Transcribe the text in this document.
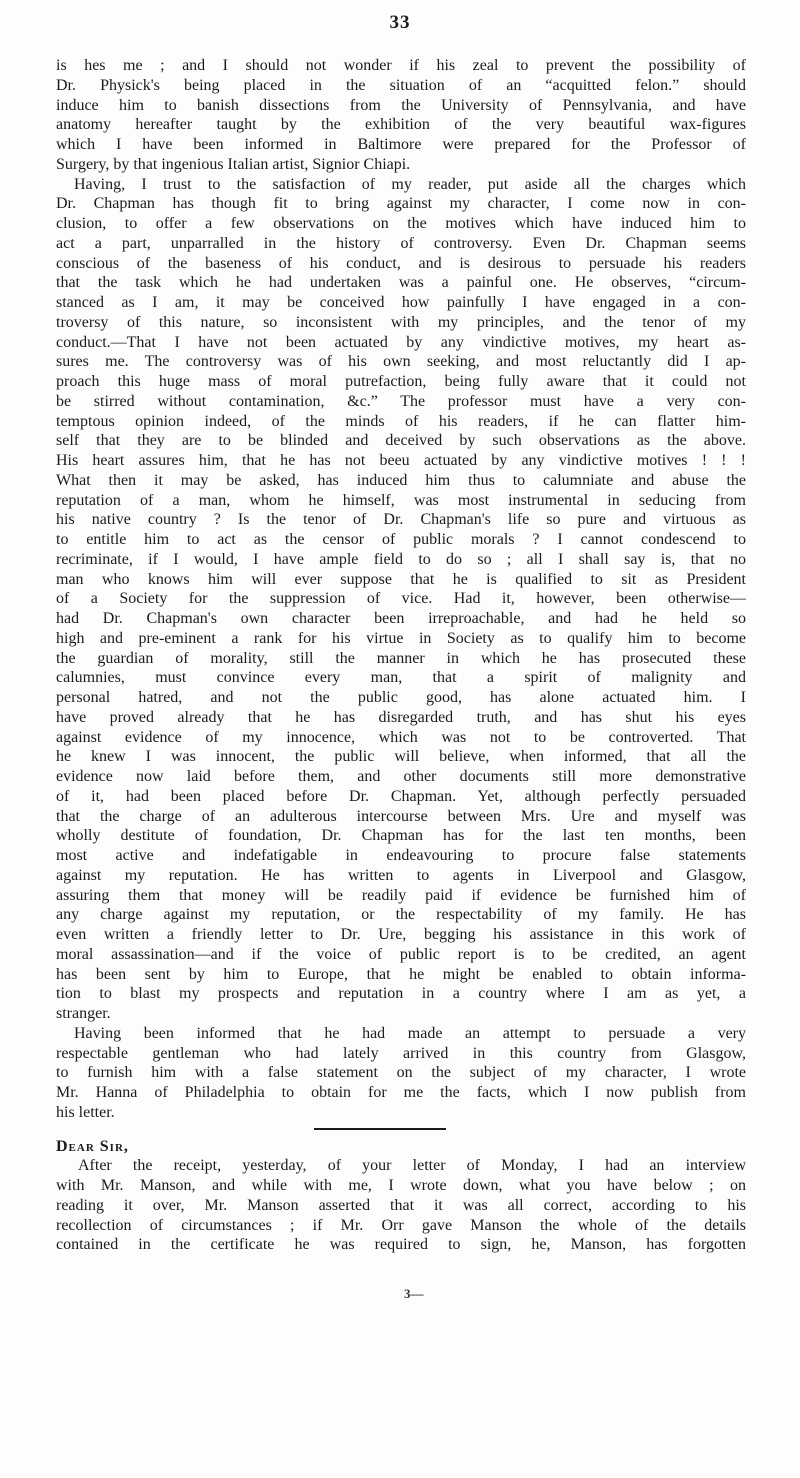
33
is hes me ; and I should not wonder if his zeal to prevent the possibility of
Dr. Physick's being placed in the situation of an “acquitted felon.” should
induce him to banish dissections from the University of Pennsylvania, and have
anatomy hereafter taught by the exhibition of the very beautiful wax-figures
which I have been informed in Baltimore were prepared for the Professor of
Surgery, by that ingenious Italian artist, Signior Chiapi.
Having, I trust to the satisfaction of my reader, put aside all the charges which
Dr. Chapman has though fit to bring against my character, I come now in con-
clusion, to offer a few observations on the motives which have induced him to
act a part, unparralled in the history of controversy. Even Dr. Chapman seems
conscious of the baseness of his conduct, and is desirous to persuade his readers
that the task which he had undertaken was a painful one. He observes, “circum-
stanced as I am, it may be conceived how painfully I have engaged in a con-
troversy of this nature, so inconsistent with my principles, and the tenor of my
conduct.—That I have not been actuated by any vindictive motives, my heart as-
sures me. The controversy was of his own seeking, and most reluctantly did I ap-
proach this huge mass of moral putrefaction, being fully aware that it could not
be stirred without contamination, &c.” The professor must have a very con-
temptous opinion indeed, of the minds of his readers, if he can flatter him-
self that they are to be blinded and deceived by such observations as the above.
His heart assures him, that he has not beeu actuated by any vindictive motives ! ! !
What then it may be asked, has induced him thus to calumniate and abuse the
reputation of a man, whom he himself, was most instrumental in seducing from
his native country ? Is the tenor of Dr. Chapman's life so pure and virtuous as
to entitle him to act as the censor of public morals ? I cannot condescend to
recriminate, if I would, I have ample field to do so ; all I shall say is, that no
man who knows him will ever suppose that he is qualified to sit as President
of a Society for the suppression of vice. Had it, however, been otherwise—
had Dr. Chapman's own character been irreproachable, and had he held so
high and pre-eminent a rank for his virtue in Society as to qualify him to become
the guardian of morality, still the manner in which he has prosecuted these
calumnies, must convince every man, that a spirit of malignity and
personal hatred, and not the public good, has alone actuated him. I
have proved already that he has disregarded truth, and has shut his eyes
against evidence of my innocence, which was not to be controverted. That
he knew I was innocent, the public will believe, when informed, that all the
evidence now laid before them, and other documents still more demonstrative
of it, had been placed before Dr. Chapman. Yet, although perfectly persuaded
that the charge of an adulterous intercourse between Mrs. Ure and myself was
wholly destitute of foundation, Dr. Chapman has for the last ten months, been
most active and indefatigable in endeavouring to procure false statements
against my reputation. He has written to agents in Liverpool and Glasgow,
assuring them that money will be readily paid if evidence be furnished him of
any charge against my reputation, or the respectability of my family. He has
even written a friendly letter to Dr. Ure, begging his assistance in this work of
moral assassination—and if the voice of public report is to be credited, an agent
has been sent by him to Europe, that he might be enabled to obtain informa-
tion to blast my prospects and reputation in a country where I am as yet, a
stranger.
Having been informed that he had made an attempt to persuade a very
respectable gentleman who had lately arrived in this country from Glasgow,
to furnish him with a false statement on the subject of my character, I wrote
Mr. Hanna of Philadelphia to obtain for me the facts, which I now publish from
his letter.
Dear Sir,
After the receipt, yesterday, of your letter of Monday, I had an interview
with Mr. Manson, and while with me, I wrote down, what you have below ; on
reading it over, Mr. Manson asserted that it was all correct, according to his
recollection of circumstances ; if Mr. Orr gave Manson the whole of the details
contained in the certificate he was required to sign, he, Manson, has forgotten
3—
